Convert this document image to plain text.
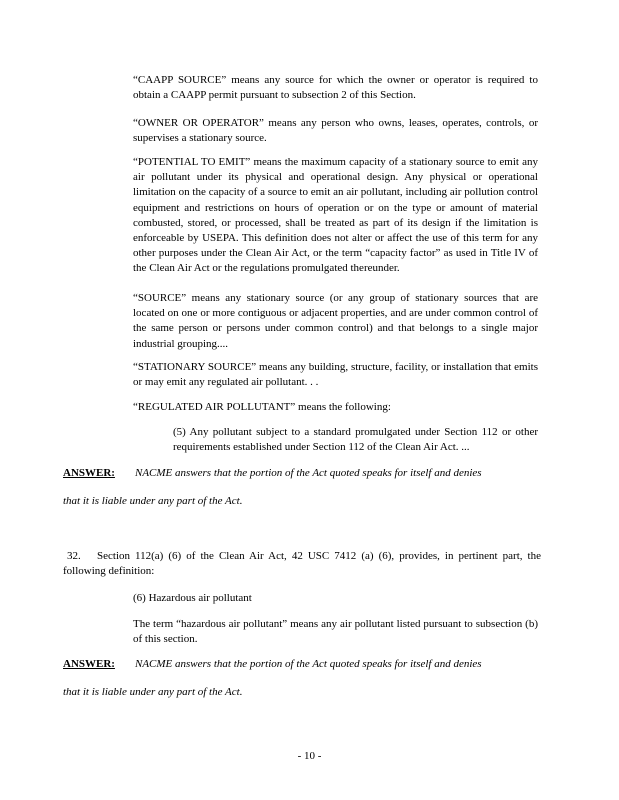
“CAAPP SOURCE” means any source for which the owner or operator is required to obtain a CAAPP permit pursuant to subsection 2 of this Section.
“OWNER OR OPERATOR” means any person who owns, leases, operates, controls, or supervises a stationary source.
“POTENTIAL TO EMIT” means the maximum capacity of a stationary source to emit any air pollutant under its physical and operational design. Any physical or operational limitation on the capacity of a source to emit an air pollutant, including air pollution control equipment and restrictions on hours of operation or on the type or amount of material combusted, stored, or processed, shall be treated as part of its design if the limitation is enforceable by USEPA. This definition does not alter or affect the use of this term for any other purposes under the Clean Air Act, or the term “capacity factor” as used in Title IV of the Clean Air Act or the regulations promulgated thereunder.
“SOURCE” means any stationary source (or any group of stationary sources that are located on one or more contiguous or adjacent properties, and are under common control of the same person or persons under common control) and that belongs to a single major industrial grouping....
“STATIONARY SOURCE” means any building, structure, facility, or installation that emits or may emit any regulated air pollutant. . .
“REGULATED AIR POLLUTANT” means the following:
(5) Any pollutant subject to a standard promulgated under Section 112 or other requirements established under Section 112 of the Clean Air Act. ...
ANSWER: NACME answers that the portion of the Act quoted speaks for itself and denies
that it is liable under any part of the Act.
32. Section 112(a) (6) of the Clean Air Act, 42 USC 7412 (a) (6), provides, in pertinent part, the following definition:
(6) Hazardous air pollutant
The term “hazardous air pollutant” means any air pollutant listed pursuant to subsection (b) of this section.
ANSWER: NACME answers that the portion of the Act quoted speaks for itself and denies
that it is liable under any part of the Act.
- 10 -
